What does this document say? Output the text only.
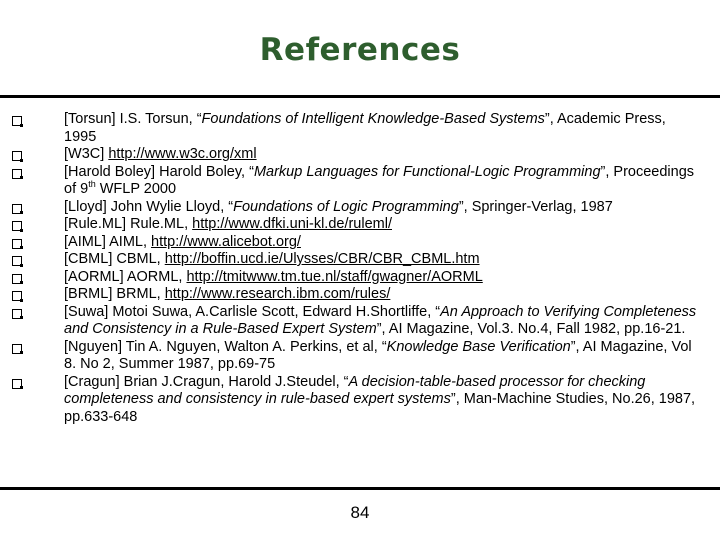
References

[Torsun] I.S. Torsun, “Foundations of Intelligent Knowledge-Based Systems”, Academic Press, 1995

[W3C] http://www.w3c.org/xml

[Harold Boley] Harold Boley, “Markup Languages for Functional-Logic Programming”, Proceedings of 9th WFLP 2000

[Lloyd] John Wylie Lloyd, “Foundations of Logic Programming”, Springer-Verlag, 1987

[Rule.ML] Rule.ML, http://www.dfki.uni-kl.de/ruleml/

[AIML] AIML, http://www.alicebot.org/

[CBML] CBML, http://boffin.ucd.ie/Ulysses/CBR/CBR_CBML.htm

[AORML] AORML, http://tmitwww.tm.tue.nl/staff/gwagner/AORML

[BRML] BRML, http://www.research.ibm.com/rules/

[Suwa] Motoi Suwa, A.Carlisle Scott, Edward H.Shortliffe, “An Approach to Verifying Completeness and Consistency in a Rule-Based Expert System”, AI Magazine, Vol.3. No.4, Fall 1982, pp.16-21.

[Nguyen] Tin A. Nguyen, Walton A. Perkins, et al, “Knowledge Base Verification”, AI Magazine, Vol 8. No 2, Summer 1987, pp.69-75

[Cragun] Brian J.Cragun, Harold J.Steudel, “A decision-table-based processor for checking completeness and consistency in rule-based expert systems”, Man-Machine Studies, No.26, 1987, pp.633-648

84
